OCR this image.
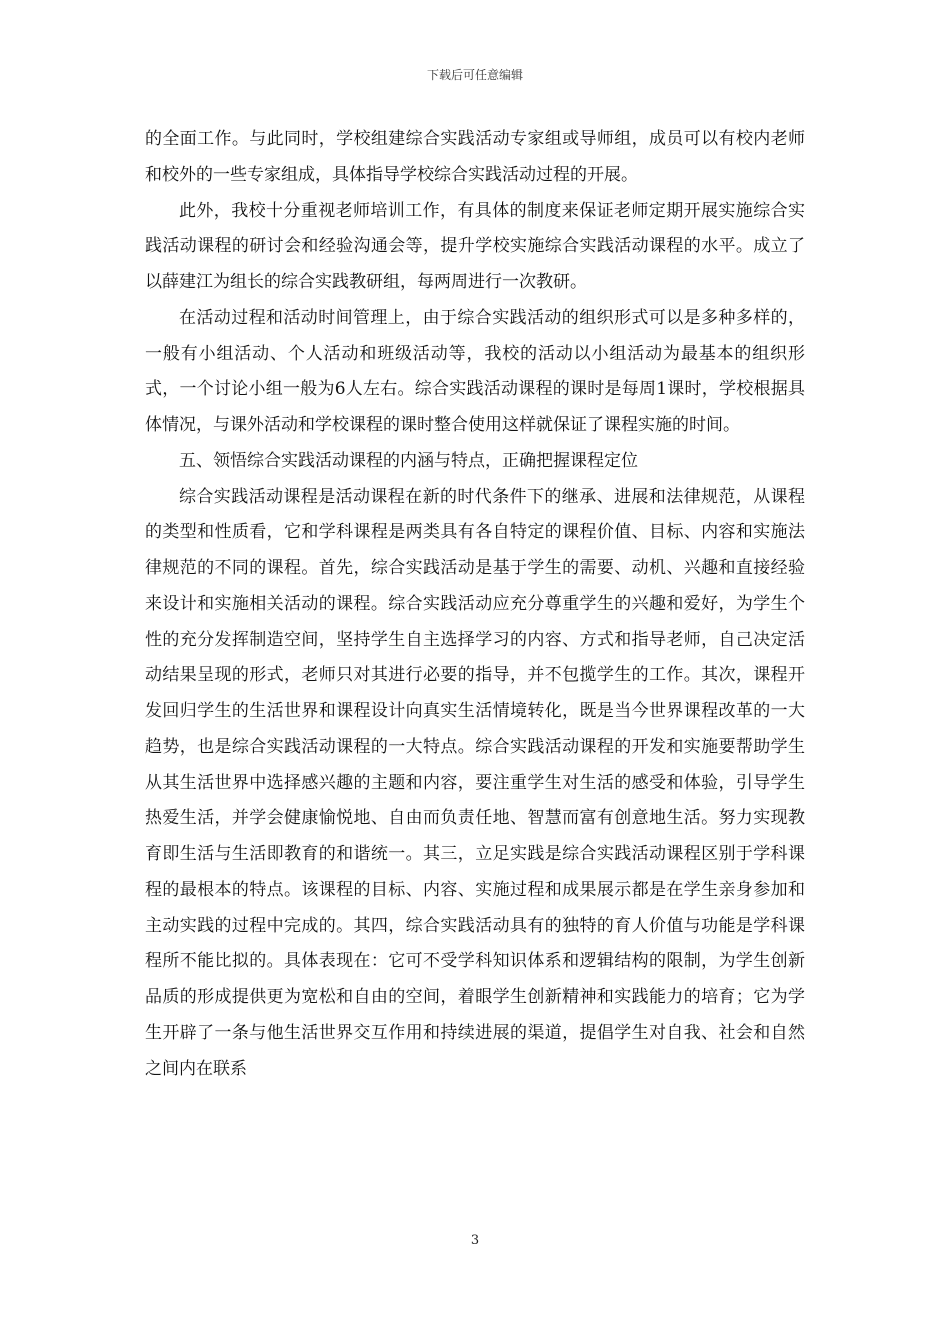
下载后可任意编辑

的全面工作。与此同时，学校组建综合实践活动专家组或导师组，成员可以有校内老师和校外的一些专家组成，具体指导学校综合实践活动过程的开展。

此外，我校十分重视老师培训工作，有具体的制度来保证老师定期开展实施综合实践活动课程的研讨会和经验沟通会等，提升学校实施综合实践活动课程的水平。成立了以薛建江为组长的综合实践教研组，每两周进行一次教研。

在活动过程和活动时间管理上，由于综合实践活动的组织形式可以是多种多样的，一般有小组活动、个人活动和班级活动等，我校的活动以小组活动为最基本的组织形式，一个讨论小组一般为6人左右。综合实践活动课程的课时是每周1课时，学校根据具体情况，与课外活动和学校课程的课时整合使用这样就保证了课程实施的时间。

五、领悟综合实践活动课程的内涵与特点，正确把握课程定位

综合实践活动课程是活动课程在新的时代条件下的继承、进展和法律规范，从课程的类型和性质看，它和学科课程是两类具有各自特定的课程价值、目标、内容和实施法律规范的不同的课程。首先，综合实践活动是基于学生的需要、动机、兴趣和直接经验来设计和实施相关活动的课程。综合实践活动应充分尊重学生的兴趣和爱好，为学生个性的充分发挥制造空间，坚持学生自主选择学习的内容、方式和指导老师，自己决定活动结果呈现的形式，老师只对其进行必要的指导，并不包揽学生的工作。其次，课程开发回归学生的生活世界和课程设计向真实生活情境转化，既是当今世界课程改革的一大趋势，也是综合实践活动课程的一大特点。综合实践活动课程的开发和实施要帮助学生从其生活世界中选择感兴趣的主题和内容，要注重学生对生活的感受和体验，引导学生热爱生活，并学会健康愉悦地、自由而负责任地、智慧而富有创意地生活。努力实现教育即生活与生活即教育的和谐统一。其三，立足实践是综合实践活动课程区别于学科课程的最根本的特点。该课程的目标、内容、实施过程和成果展示都是在学生亲身参加和主动实践的过程中完成的。其四，综合实践活动具有的独特的育人价值与功能是学科课程所不能比拟的。具体表现在：它可不受学科知识体系和逻辑结构的限制，为学生创新品质的形成提供更为宽松和自由的空间，着眼学生创新精神和实践能力的培育；它为学生开辟了一条与他生活世界交互作用和持续进展的渠道，提倡学生对自我、社会和自然之间内在联系

3
